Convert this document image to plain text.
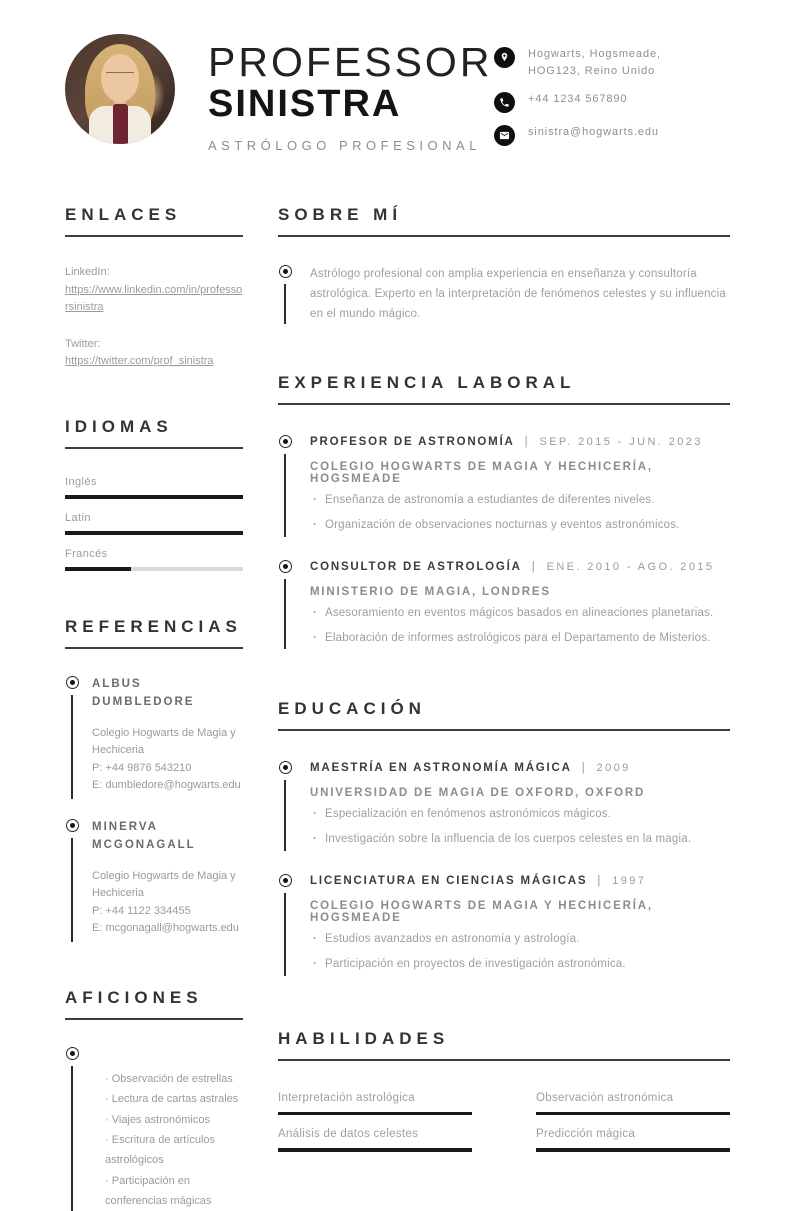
PROFESSOR
SINISTRA
ASTRÓLOGO PROFESIONAL
Hogwarts, Hogsmeade,
HOG123, Reino Unido
+44 1234 567890
sinistra@hogwarts.edu
ENLACES
LinkedIn:
https://www.linkedin.com/in/professorsinistra
Twitter:
https://twitter.com/prof_sinistra
IDIOMAS
Inglés
Latin
Francés
REFERENCIAS
ALBUS DUMBLEDORE
Colegio Hogwarts de Magia y Hechiceria
P: +44 9876 543210
E: dumbledore@hogwarts.edu
MINERVA MCGONAGALL
Colegio Hogwarts de Magia y Hechiceria
P: +44 1122 334455
E: mcgonagall@hogwarts.edu
AFICIONES
· Observación de estrellas
· Lectura de cartas astrales
· Viajes astronómicos
· Escritura de artículos astrológicos
· Participación en conferencias mágicas
SOBRE MÍ
Astrólogo profesional con amplia experiencia en enseñanza y consultoría astrológica. Experto en la interpretación de fenómenos celestes y su influencia en el mundo mágico.
EXPERIENCIA LABORAL
PROFESOR DE ASTRONOMÍA | SEP. 2015 - JUN. 2023
COLEGIO HOGWARTS DE MAGIA Y HECHICERÍA, HOGSMEADE
· Enseñanza de astronomía a estudiantes de diferentes niveles.
· Organización de observaciones nocturnas y eventos astronómicos.
CONSULTOR DE ASTROLOGÍA | ENE. 2010 - AGO. 2015
MINISTERIO DE MAGIA, LONDRES
· Asesoramiento en eventos mágicos basados en alineaciones planetarias.
· Elaboración de informes astrológicos para el Departamento de Misterios.
EDUCACIÓN
MAESTRÍA EN ASTRONOMÍA MÁGICA | 2009
UNIVERSIDAD DE MAGIA DE OXFORD, OXFORD
· Especialización en fenómenos astronómicos mágicos.
· Investigación sobre la influencia de los cuerpos celestes en la magia.
LICENCIATURA EN CIENCIAS MÁGICAS | 1997
COLEGIO HOGWARTS DE MAGIA Y HECHICERÍA, HOGSMEADE
· Estudios avanzados en astronomía y astrología.
· Participación en proyectos de investigación astronómica.
HABILIDADES
Interpretación astrológica	Observación astronómica
Análisis de datos celestes	Predicción mágica
